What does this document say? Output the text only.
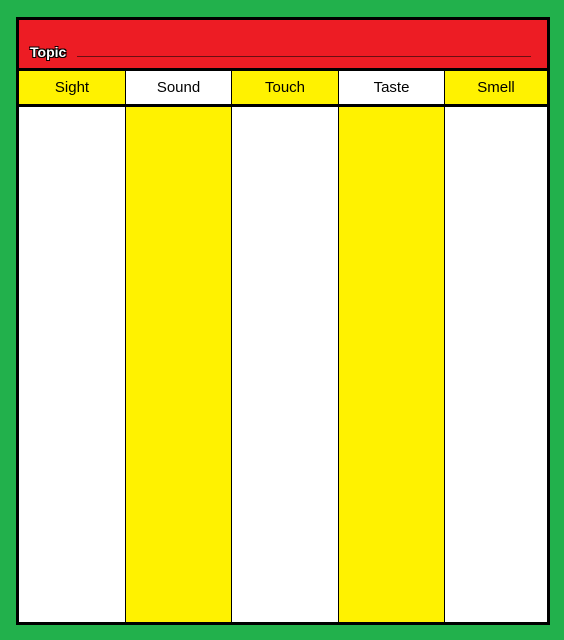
Topic
Sight	Sound	Touch	Taste	Smell
